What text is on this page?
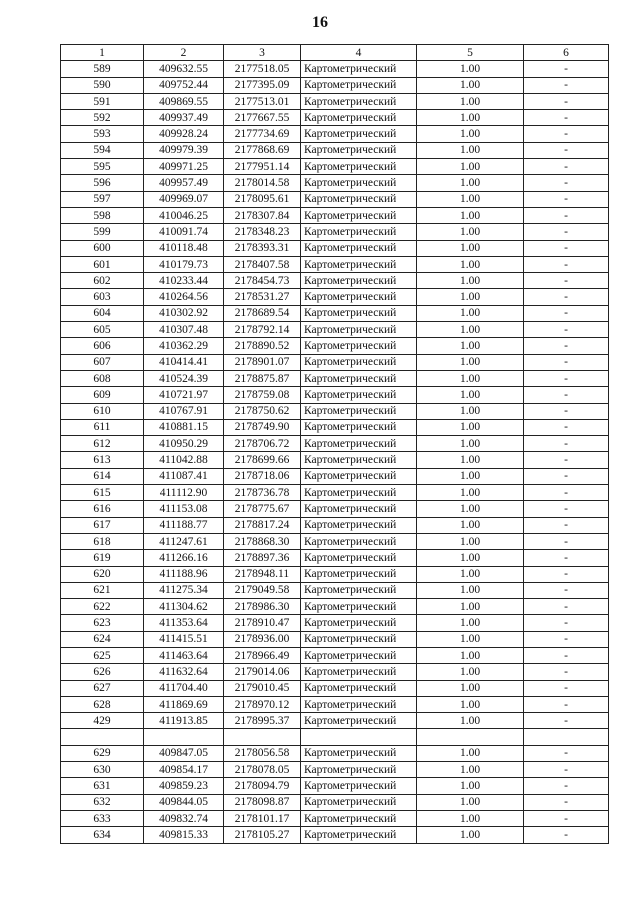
16
1	2	3	4	5	6
589	409632.55	2177518.05	Картометрический	1.00	-
590	409752.44	2177395.09	Картометрический	1.00	-
591	409869.55	2177513.01	Картометрический	1.00	-
592	409937.49	2177667.55	Картометрический	1.00	-
593	409928.24	2177734.69	Картометрический	1.00	-
594	409979.39	2177868.69	Картометрический	1.00	-
595	409971.25	2177951.14	Картометрический	1.00	-
596	409957.49	2178014.58	Картометрический	1.00	-
597	409969.07	2178095.61	Картометрический	1.00	-
598	410046.25	2178307.84	Картометрический	1.00	-
599	410091.74	2178348.23	Картометрический	1.00	-
600	410118.48	2178393.31	Картометрический	1.00	-
601	410179.73	2178407.58	Картометрический	1.00	-
602	410233.44	2178454.73	Картометрический	1.00	-
603	410264.56	2178531.27	Картометрический	1.00	-
604	410302.92	2178689.54	Картометрический	1.00	-
605	410307.48	2178792.14	Картометрический	1.00	-
606	410362.29	2178890.52	Картометрический	1.00	-
607	410414.41	2178901.07	Картометрический	1.00	-
608	410524.39	2178875.87	Картометрический	1.00	-
609	410721.97	2178759.08	Картометрический	1.00	-
610	410767.91	2178750.62	Картометрический	1.00	-
611	410881.15	2178749.90	Картометрический	1.00	-
612	410950.29	2178706.72	Картометрический	1.00	-
613	411042.88	2178699.66	Картометрический	1.00	-
614	411087.41	2178718.06	Картометрический	1.00	-
615	411112.90	2178736.78	Картометрический	1.00	-
616	411153.08	2178775.67	Картометрический	1.00	-
617	411188.77	2178817.24	Картометрический	1.00	-
618	411247.61	2178868.30	Картометрический	1.00	-
619	411266.16	2178897.36	Картометрический	1.00	-
620	411188.96	2178948.11	Картометрический	1.00	-
621	411275.34	2179049.58	Картометрический	1.00	-
622	411304.62	2178986.30	Картометрический	1.00	-
623	411353.64	2178910.47	Картометрический	1.00	-
624	411415.51	2178936.00	Картометрический	1.00	-
625	411463.64	2178966.49	Картометрический	1.00	-
626	411632.64	2179014.06	Картометрический	1.00	-
627	411704.40	2179010.45	Картометрический	1.00	-
628	411869.69	2178970.12	Картометрический	1.00	-
429	411913.85	2178995.37	Картометрический	1.00	-

629	409847.05	2178056.58	Картометрический	1.00	-
630	409854.17	2178078.05	Картометрический	1.00	-
631	409859.23	2178094.79	Картометрический	1.00	-
632	409844.05	2178098.87	Картометрический	1.00	-
633	409832.74	2178101.17	Картометрический	1.00	-
634	409815.33	2178105.27	Картометрический	1.00	-
